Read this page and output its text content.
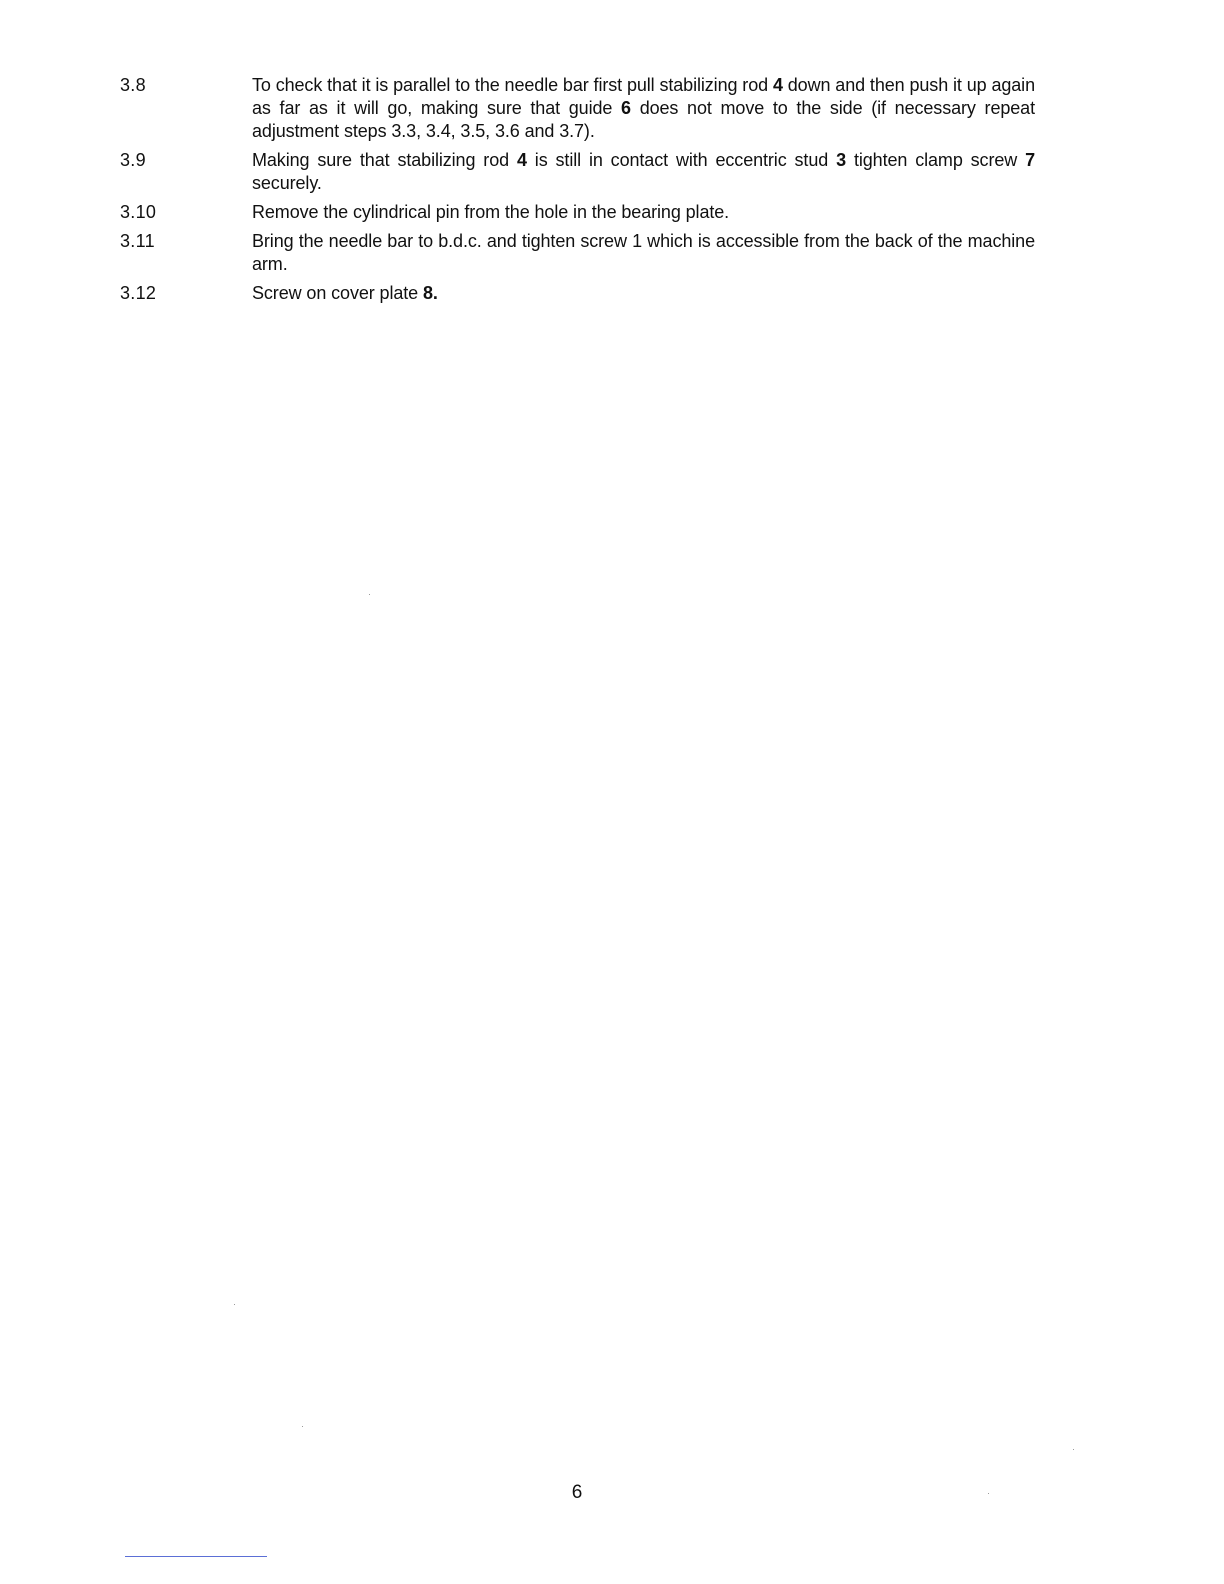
3.8	To check that it is parallel to the needle bar first pull stabilizing rod 4 down and then push it up again as far as it will go, making sure that guide 6 does not move to the side (if necessary repeat adjustment steps 3.3, 3.4, 3.5, 3.6 and 3.7).
3.9	Making sure that stabilizing rod 4 is still in contact with eccentric stud 3 tighten clamp screw 7 securely.
3.10	Remove the cylindrical pin from the hole in the bearing plate.
3.11	Bring the needle bar to b.d.c. and tighten screw 1 which is accessible from the back of the machine arm.
3.12	Screw on cover plate 8.
6
